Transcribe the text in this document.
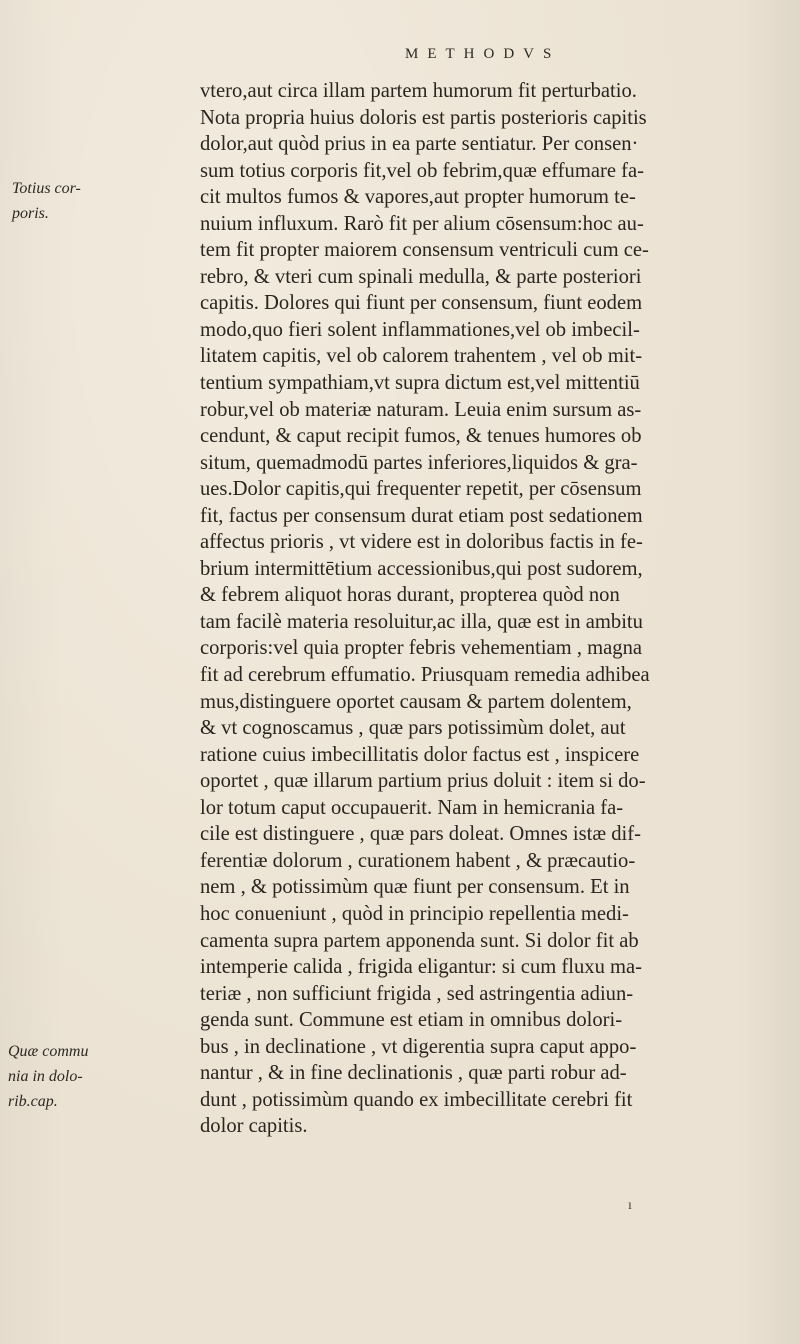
METHODVS
Totius cor-
poris.
Quæ commu
nia in dolo-
rib.cap.
vtero,aut circa illam partem humorum fit perturbatio.
Nota propria huius doloris est partis posterioris capitis
dolor,aut quòd prius in ea parte sentiatur. Per consen·
sum totius corporis fit,vel ob febrim,quæ effumare fa-
cit multos fumos & vapores,aut propter humorum te-
nuium influxum. Rarò fit per alium cōsensum:hoc au-
tem fit propter maiorem consensum ventriculi cum ce-
rebro, & vteri cum spinali medulla, & parte posteriori
capitis. Dolores qui fiunt per consensum, fiunt eodem
modo,quo fieri solent inflammationes,vel ob imbecil-
litatem capitis, vel ob calorem trahentem , vel ob mit-
tentium sympathiam,vt supra dictum est,vel mittentiū
robur,vel ob materiæ naturam. Leuia enim sursum as-
cendunt, & caput recipit fumos, & tenues humores ob
situm, quemadmodū partes inferiores,liquidos & gra-
ues.Dolor capitis,qui frequenter repetit, per cōsensum
fit, factus per consensum durat etiam post sedationem
affectus prioris , vt videre est in doloribus factis in fe-
brium intermittētium accessionibus,qui post sudorem,
& febrem aliquot horas durant, propterea quòd non
tam facilè materia resoluitur,ac illa, quæ est in ambitu
corporis:vel quia propter febris vehementiam , magna
fit ad cerebrum effumatio. Priusquam remedia adhibea
mus,distinguere oportet causam & partem dolentem,
& vt cognoscamus , quæ pars potissimùm dolet, aut
ratione cuius imbecillitatis dolor factus est , inspicere
oportet , quæ illarum partium prius doluit : item si do-
lor totum caput occupauerit. Nam in hemicrania fa-
cile est distinguere , quæ pars doleat. Omnes istæ dif-
ferentiæ dolorum , curationem habent , & præcautio-
nem , & potissimùm quæ fiunt per consensum. Et in
hoc conueniunt , quòd in principio repellentia medi-
camenta supra partem apponenda sunt. Si dolor fit ab
intemperie calida , frigida eligantur: si cum fluxu ma-
teriæ , non sufficiunt frigida , sed astringentia adiun-
genda sunt. Commune est etiam in omnibus dolori-
bus , in declinatione , vt digerentia supra caput appo-
nantur , & in fine declinationis , quæ parti robur ad-
dunt , potissimùm quando ex imbecillitate cerebri fit
dolor capitis.
ı
